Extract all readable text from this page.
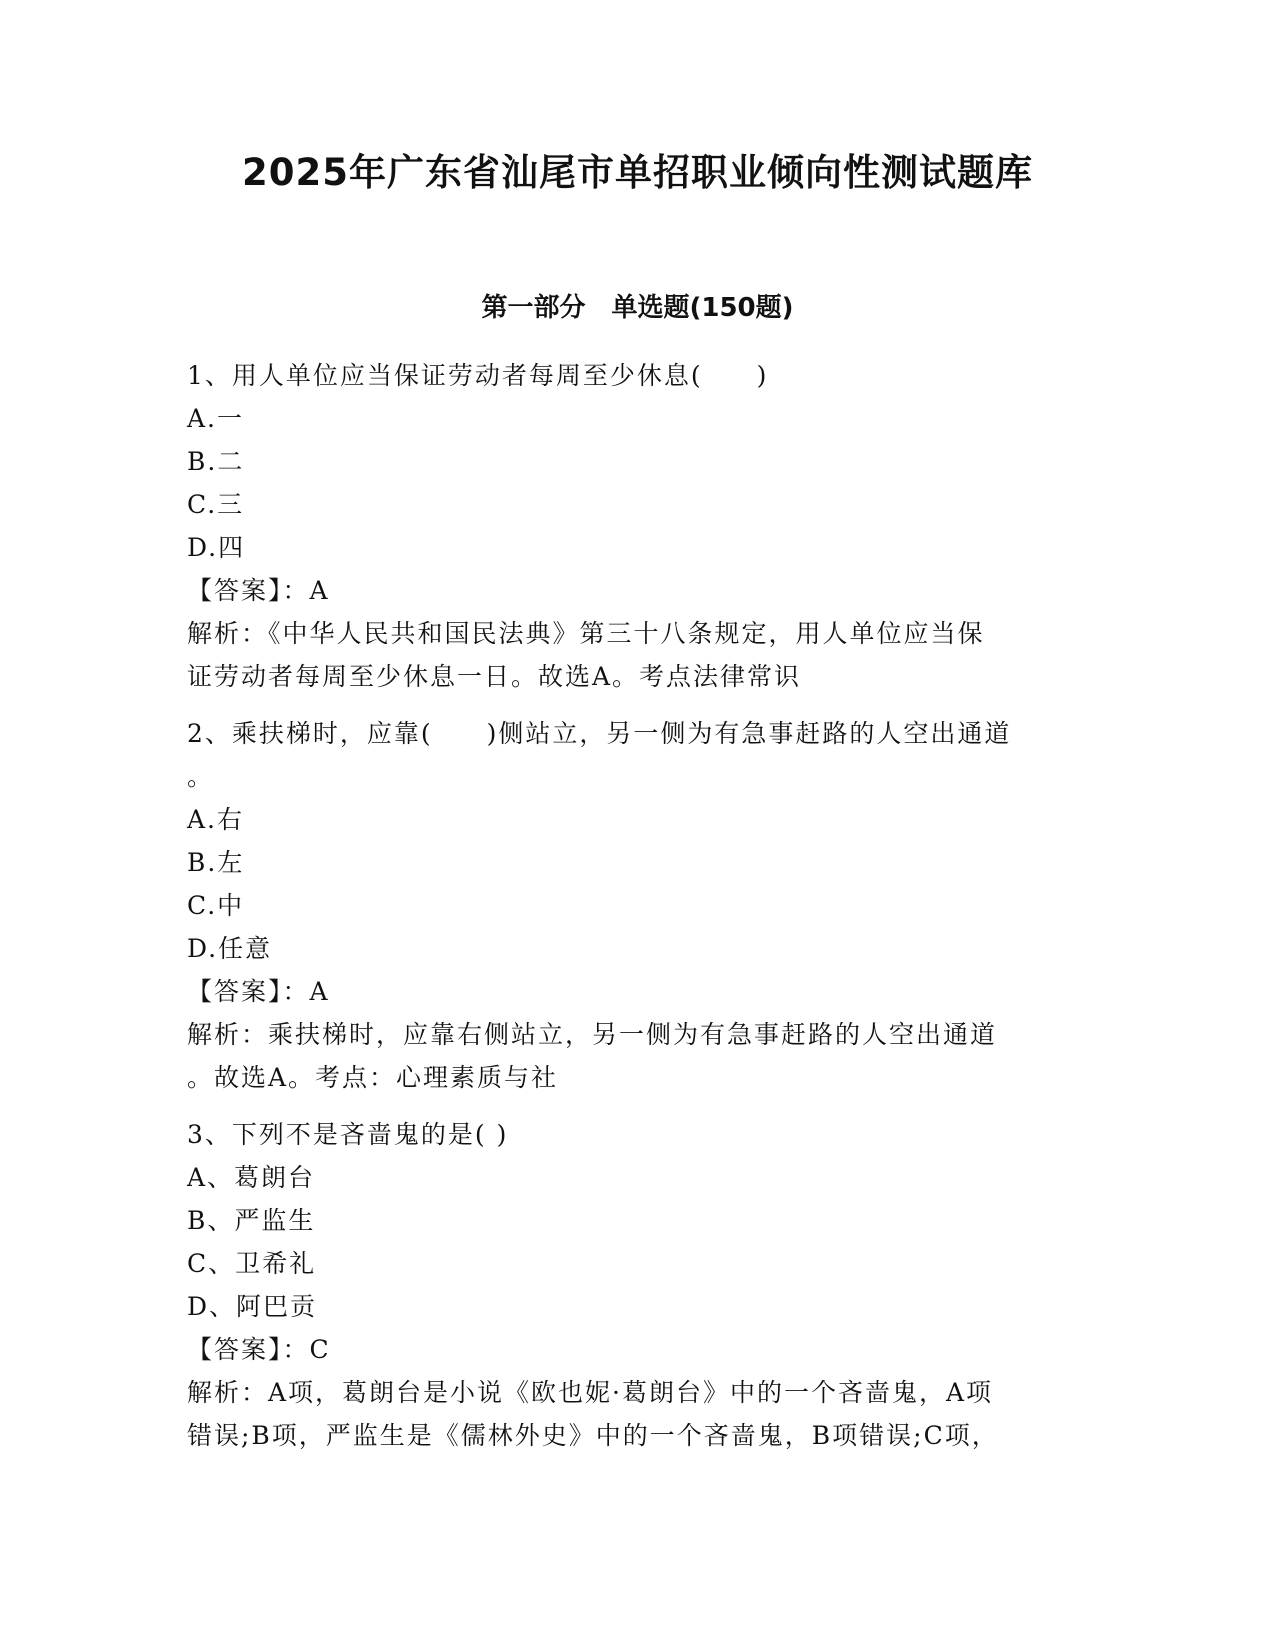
2025年广东省汕尾市单招职业倾向性测试题库
第一部分　单选题(150题)

1、用人单位应当保证劳动者每周至少休息(　　)

A.一

B.二

C.三

D.四

【答案】：A

解析：《中华人民共和国民法典》第三十八条规定，用人单位应当保

证劳动者每周至少休息一日。故选A。考点法律常识

2、乘扶梯时，应靠(　　)侧站立，另一侧为有急事赶路的人空出通道

。

A.右

B.左

C.中

D.任意

【答案】：A

解析：乘扶梯时，应靠右侧站立，另一侧为有急事赶路的人空出通道

。故选A。考点：心理素质与社

3、下列不是吝啬鬼的是( )

A、葛朗台

B、严监生

C、卫希礼

D、阿巴贡

【答案】：C

解析：A项，葛朗台是小说《欧也妮·葛朗台》中的一个吝啬鬼，A项

错误;B项，严监生是《儒林外史》中的一个吝啬鬼，B项错误;C项，
